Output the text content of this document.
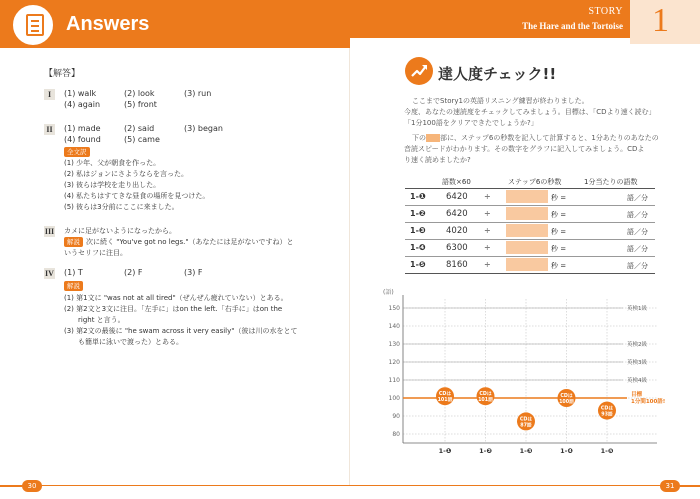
Answers
STORY
The Hare and the Tortoise 1
【解答】
I	(1) walk	(2) look	(3) run
(4) again	(5) front
II (1) made	(2) said	(3) began
(4) found	(5) came
全文訳
(1) 少年、父が朝食を作った。
(2) 私はジョンにさようならを言った。
(3) 彼らは学校を走り出した。
(4) 私たちはすてきな昼食の場所を見つけた。
(5) 彼らは3分前にここに来ました。
III カメに足がないようになったから。
解説 次に続く "You've got no legs."（あなたには足がないですね）と
いうセリフに注目。
IV (1) T	(2) F	(3) F
解説
(1) 第1文に "was not at all tired"（ぜんぜん疲れていない）とある。
(2) 第2文と3文に注目。「左手に」はon the left.「右手に」はon the
right と言う。
(3) 第2文の最後に "he swam across it very easily"（彼は川の水をとて
も簡単に泳いで渡った）とある。
達人度チェック!!
ここまでStory1の英語リスニング練習が終わりました。
今度、あなたの速読度をチェックしてみましょう。目標は、「CDより速く読む」
「1分100語をクリアできたでしょうか?」
下の 部に、ステップ6の秒数を記入して計算すると、1分あたりのあなたの
音読スピードがわかります。その数字をグラフに記入してみましょう。CDよ
り速く読めましたか?
語数×60	ステップ6の秒数	1分当たりの語数
1-❶ 6420 ÷	秒 =	語／分
1-❷ 6420 ÷	秒 =	語／分
1-❸ 4020 ÷	秒 =	語／分
1-❹ 6300 ÷	秒 =	語／分
1-❺ 8160 ÷	秒 =	語／分
(語)
150
140
130
120
110
100
90
80
英検1級
英検2級
英検3級
英検4級
目標
1分間100語!
1-❶	1-❷	1-❸	1-❹	1-❺
CDは
101語
CDは
101語
CDは
87語
CDは
100語
CDは
93語
30	31
